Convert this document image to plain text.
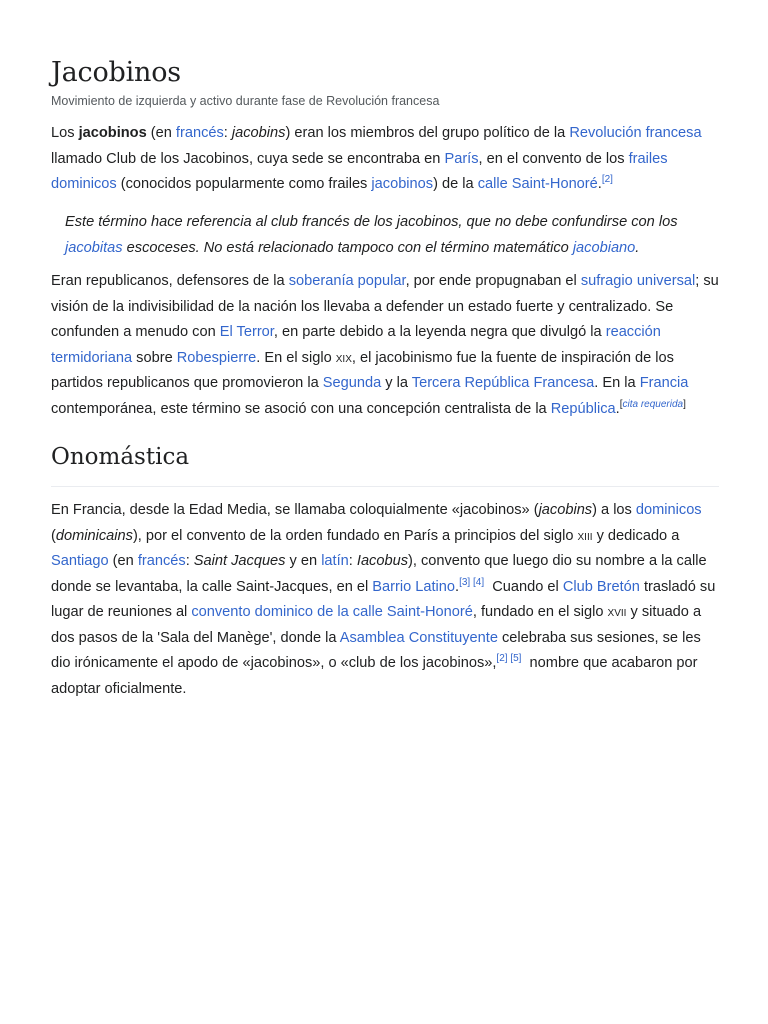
Jacobinos
Movimiento de izquierda y activo durante fase de Revolución francesa

Los jacobinos (en francés: jacobins) eran los miembros del grupo político de la Revolución francesa llamado Club de los Jacobinos, cuya sede se encontraba en París, en el convento de los frailes dominicos (conocidos popularmente como frailes jacobinos) de la calle Saint-Honoré.[2]

Este término hace referencia al club francés de los jacobinos, que no debe confundirse con los jacobitas escoceses. No está relacionado tampoco con el término matemático jacobiano.

Eran republicanos, defensores de la soberanía popular, por ende propugnaban el sufragio universal; su visión de la indivisibilidad de la nación los llevaba a defender un estado fuerte y centralizado. Se confunden a menudo con El Terror, en parte debido a la leyenda negra que divulgó la reacción termidoriana sobre Robespierre. En el siglo xix, el jacobinismo fue la fuente de inspiración de los partidos republicanos que promovieron la Segunda y la Tercera República Francesa. En la Francia contemporánea, este término se asoció con una concepción centralista de la República.[cita requerida]

Onomástica

En Francia, desde la Edad Media, se llamaba coloquialmente «jacobinos» (jacobins) a los dominicos (dominicains), por el convento de la orden fundado en París a principios del siglo xiii y dedicado a Santiago (en francés: Saint Jacques y en latín: Iacobus), convento que luego dio su nombre a la calle donde se levantaba, la calle Saint-Jacques, en el Barrio Latino.[3] [4]  Cuando el Club Bretón trasladó su lugar de reuniones al convento dominico de la calle Saint-Honoré, fundado en el siglo xvii y situado a dos pasos de la 'Sala del Manège', donde la Asamblea Constituyente celebraba sus sesiones, se les dio irónicamente el apodo de «jacobinos», o «club de los jacobinos»,[2] [5]  nombre que acabaron por adoptar oficialmente.
